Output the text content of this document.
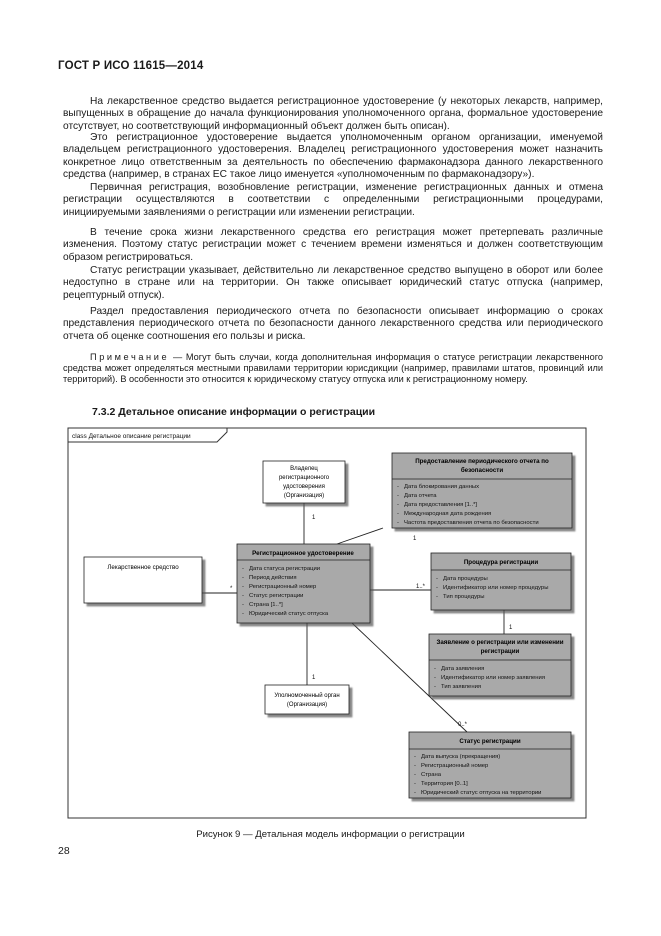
ГОСТ Р ИСО 11615—2014

На лекарственное средство выдается регистрационное удостоверение (у некоторых лекарств, например, выпущенных в обращение до начала функционирования уполномоченного органа, формальное удостоверение отсутствует, но соответствующий информационный объект должен быть описан).

Это регистрационное удостоверение выдается уполномоченным органом организации, именуемой владельцем регистрационного удостоверения. Владелец регистрационного удостоверения может назначить конкретное лицо ответственным за деятельность по обеспечению фармаконадзора данного лекарственного средства (например, в странах ЕС такое лицо именуется «уполномоченным по фармаконадзору»).

Первичная регистрация, возобновление регистрации, изменение регистрационных данных и отмена регистрации осуществляются в соответствии с определенными регистрационными процедурами, инициируемыми заявлениями о регистрации или изменении регистрации.

В течение срока жизни лекарственного средства его регистрация может претерпевать различные изменения. Поэтому статус регистрации может с течением времени изменяться и должен соответствующим образом регистрироваться.

Статус регистрации указывает, действительно ли лекарственное средство выпущено в оборот или более недоступно в стране или на территории. Он также описывает юридический статус отпуска (например, рецептурный отпуск).

Раздел предоставления периодического отчета по безопасности описывает информацию о сроках представления периодического отчета по безопасности данного лекарственного средства или периодического отчета об оценке соотношения его пользы и риска.

Примечание — Могут быть случаи, когда дополнительная информация о статусе регистрации лекарственного средства может определяться местными правилами территории юрисдикции (например, правилами штатов, провинций или территорий). В особенности это относится к юридическому статусу отпуска или к регистрационному номеру.

7.3.2 Детальное описание информации о регистрации
class Детальное описание регистрации
1
1
*	1..*
1
1
0..*
Владелец
регистрационного
удостоверения
(Организация)
Предоставление периодического отчета по
безопасности
- Дата блокирования данных
- Дата отчета
- Дата предоставления [1..*]
- Международная дата рождения
- Частота предоставления отчета по безопасности
Лекарственное средство
Регистрационное удостоверение
- Дата статуса регистрации
- Период действия
- Регистрационный номер
- Статус регистрации
- Страна [1..*]
- Юридический статус отпуска
Процедура регистрации
- Дата процедуры
- Идентификатор или номер процедуры
- Тип процедуры
Заявление о регистрации или изменении
регистрации
- Дата заявления
- Идентификатор или номер заявления
- Тип заявления
Уполномоченный орган
(Организация)
Статус регистрации
- Дата выпуска (прекращения)
- Регистрационный номер
- Страна
- Территория [0..1]
- Юридический статус отпуска на территории
Рисунок 9 — Детальная модель информации о регистрации
28
